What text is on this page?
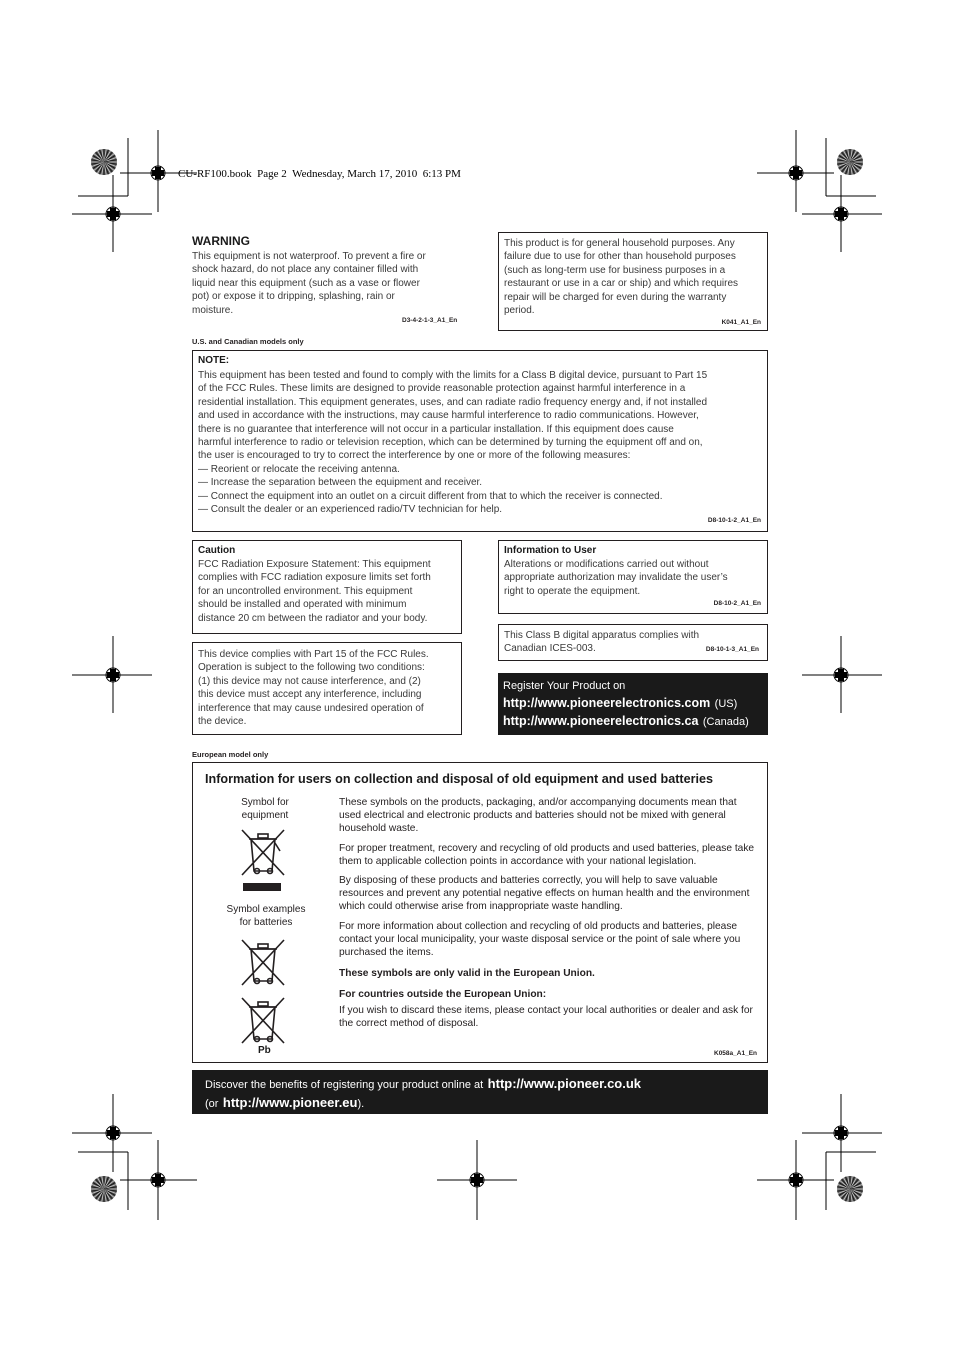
CU-RF100.book  Page 2  Wednesday, March 17, 2010  6:13 PM
WARNING
This equipment is not waterproof. To prevent a fire or
shock hazard, do not place any container filled with
liquid near this equipment (such as a vase or flower
pot) or expose it to dripping, splashing, rain or
moisture.
D3-4-2-1-3_A1_En
This product is for general household purposes. Any
failure due to use for other than household purposes
(such as long-term use for business purposes in a
restaurant or use in a car or ship) and which requires
repair will be charged for even during the warranty
period.
K041_A1_En
U.S. and Canadian models only
NOTE:
This equipment has been tested and found to comply with the limits for a Class B digital device, pursuant to Part 15
of the FCC Rules. These limits are designed to provide reasonable protection against harmful interference in a
residential installation. This equipment generates, uses, and can radiate radio frequency energy and, if not installed
and used in accordance with the instructions, may cause harmful interference to radio communications. However,
there is no guarantee that interference will not occur in a particular installation. If this equipment does cause
harmful interference to radio or television reception, which can be determined by turning the equipment off and on,
the user is encouraged to try to correct the interference by one or more of the following measures:
— Reorient or relocate the receiving antenna.
— Increase the separation between the equipment and receiver.
— Connect the equipment into an outlet on a circuit different from that to which the receiver is connected.
— Consult the dealer or an experienced radio/TV technician for help.
D8-10-1-2_A1_En
Caution
FCC Radiation Exposure Statement: This equipment
complies with FCC radiation exposure limits set forth
for an uncontrolled environment. This equipment
should be installed and operated with minimum
distance 20 cm between the radiator and your body.
Information to User
Alterations or modifications carried out without
appropriate authorization may invalidate the user’s
right to operate the equipment.
D8-10-2_A1_En
This Class B digital apparatus complies with
Canadian ICES-003.	D8-10-1-3_A1_En
This device complies with Part 15 of the FCC Rules.
Operation is subject to the following two conditions:
(1) this device may not cause interference, and (2)
this device must accept any interference, including
interference that may cause undesired operation of
the device.
Register Your Product on
http://www.pioneerelectronics.com (US)
http://www.pioneerelectronics.ca (Canada)
European model only
Information for users on collection and disposal of old equipment and used batteries
Symbol for
equipment
Symbol examples
for batteries
Pb

These symbols on the products, packaging, and/or accompanying documents mean that used electrical and electronic products and batteries should not be mixed with general household waste.

For proper treatment, recovery and recycling of old products and used batteries, please take them to applicable collection points in accordance with your national legislation.

By disposing of these products and batteries correctly, you will help to save valuable resources and prevent any potential negative effects on human health and the environment which could otherwise arise from inappropriate waste handling.

For more information about collection and recycling of old products and batteries, please contact your local municipality, your waste disposal service or the point of sale where you purchased the items.

These symbols are only valid in the European Union.

For countries outside the European Union:

If you wish to discard these items, please contact your local authorities or dealer and ask for the correct method of disposal.

K058a_A1_En
Discover the benefits of registering your product online at http://www.pioneer.co.uk
(or http://www.pioneer.eu).
